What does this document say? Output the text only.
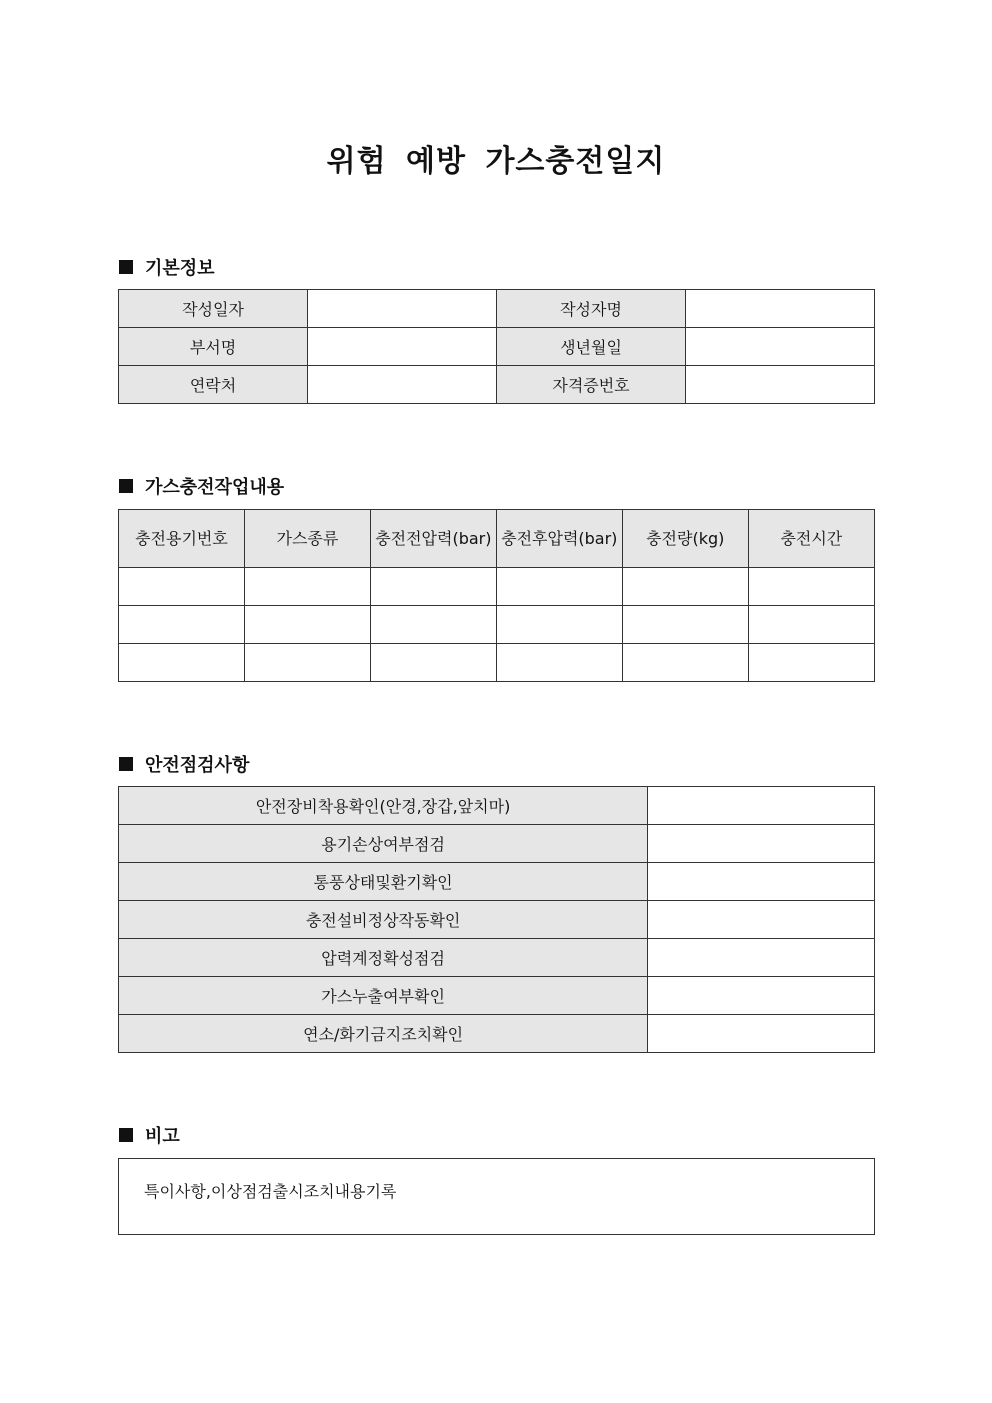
위험 예방 가스충전일지
기본정보
작성일자		작성자명	
부서명		생년월일	
연락처		자격증번호	
가스충전작업내용
충전용기번호	가스종류	충전전압력(bar)	충전후압력(bar)	충전량(kg)	충전시간

안전점검사항
안전장비착용확인(안경,장갑,앞치마)	
용기손상여부점검	
통풍상태및환기확인	
충전설비정상작동확인	
압력계정확성점검	
가스누출여부확인	
연소/화기금지조치확인	
비고
특이사항,이상점검출시조치내용기록
